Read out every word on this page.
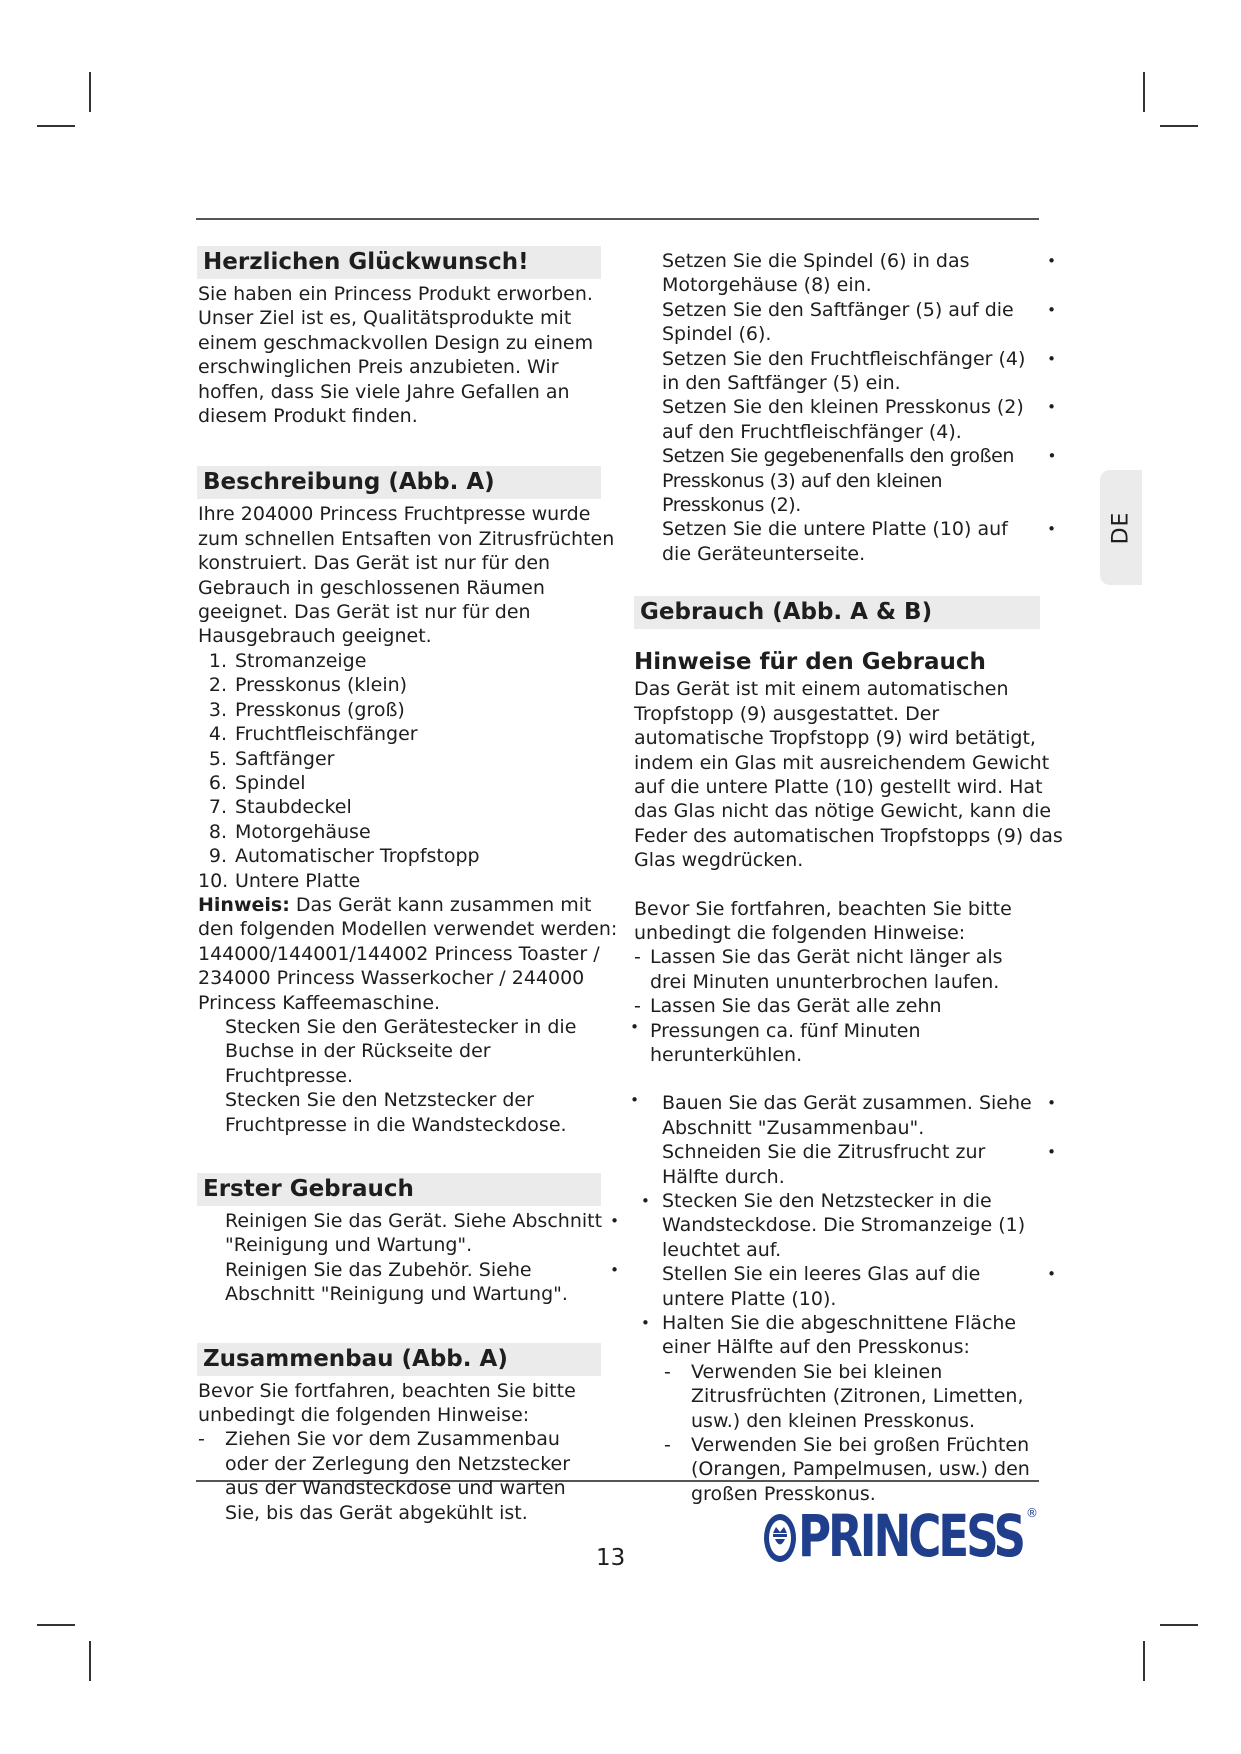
DE
Herzlichen Glückwunsch!

Sie haben ein Princess Produkt erworben. Unser Ziel ist es, Qualitätsprodukte mit einem geschmackvollen Design zu einem erschwinglichen Preis anzubieten. Wir hoffen, dass Sie viele Jahre Gefallen an diesem Produkt finden.

Beschreibung (Abb. A)

Ihre 204000 Princess Fruchtpresse wurde zum schnellen Entsaften von Zitrusfrüchten konstruiert. Das Gerät ist nur für den Gebrauch in geschlossenen Räumen geeignet. Das Gerät ist nur für den Hausgebrauch geeignet.

1. Stromanzeige
2. Presskonus (klein)
3. Presskonus (groß)
4. Fruchtfleischfänger
5. Saftfänger
6. Spindel
7. Staubdeckel
8. Motorgehäuse
9. Automatischer Tropfstopp
10. Untere Platte

Hinweis: Das Gerät kann zusammen mit den folgenden Modellen verwendet werden: 144000/144001/144002 Princess Toaster / 234000 Princess Wasserkocher / 244000 Princess Kaffeemaschine.

Stecken Sie den Gerätestecker in die Buchse in der Rückseite der Fruchtpresse. •
Stecken Sie den Netzstecker der Fruchtpresse in die Wandsteckdose. •
Erster Gebrauch
Reinigen Sie das Gerät. Siehe Abschnitt "Reinigung und Wartung". •
Reinigen Sie das Zubehör. Siehe Abschnitt "Reinigung und Wartung". •
Zusammenbau (Abb. A)

Bevor Sie fortfahren, beachten Sie bitte unbedingt die folgenden Hinweise:

- Ziehen Sie vor dem Zusammenbau oder der Zerlegung den Netzstecker aus der Wandsteckdose und warten Sie, bis das Gerät abgekühlt ist.
Setzen Sie die Spindel (6) in das Motorgehäuse (8) ein. •
Setzen Sie den Saftfänger (5) auf die Spindel (6). •
Setzen Sie den Fruchtfleischfänger (4) in den Saftfänger (5) ein. •
Setzen Sie den kleinen Presskonus (2) auf den Fruchtfleischfänger (4). •
Setzen Sie gegebenenfalls den großen Presskonus (3) auf den kleinen Presskonus (2). •
Setzen Sie die untere Platte (10) auf die Geräteunterseite. •
Gebrauch (Abb. A & B)

Hinweise für den Gebrauch

Das Gerät ist mit einem automatischen Tropfstopp (9) ausgestattet. Der automatische Tropfstopp (9) wird betätigt, indem ein Glas mit ausreichendem Gewicht auf die untere Platte (10) gestellt wird. Hat das Glas nicht das nötige Gewicht, kann die Feder des automatischen Tropfstopps (9) das Glas wegdrücken.

Bevor Sie fortfahren, beachten Sie bitte unbedingt die folgenden Hinweise:

- Lassen Sie das Gerät nicht länger als drei Minuten ununterbrochen laufen.
- Lassen Sie das Gerät alle zehn Pressungen ca. fünf Minuten herunterkühlen.
Bauen Sie das Gerät zusammen. Siehe Abschnitt "Zusammenbau". •
Schneiden Sie die Zitrusfrucht zur Hälfte durch. •
• Stecken Sie den Netzstecker in die Wandsteckdose. Die Stromanzeige (1) leuchtet auf.
Stellen Sie ein leeres Glas auf die untere Platte (10). •
• Halten Sie die abgeschnittene Fläche einer Hälfte auf den Presskonus:
- Verwenden Sie bei kleinen Zitrusfrüchten (Zitronen, Limetten, usw.) den kleinen Presskonus.
- Verwenden Sie bei großen Früchten (Orangen, Pampelmusen, usw.) den großen Presskonus.
13	PRINCESS ®
